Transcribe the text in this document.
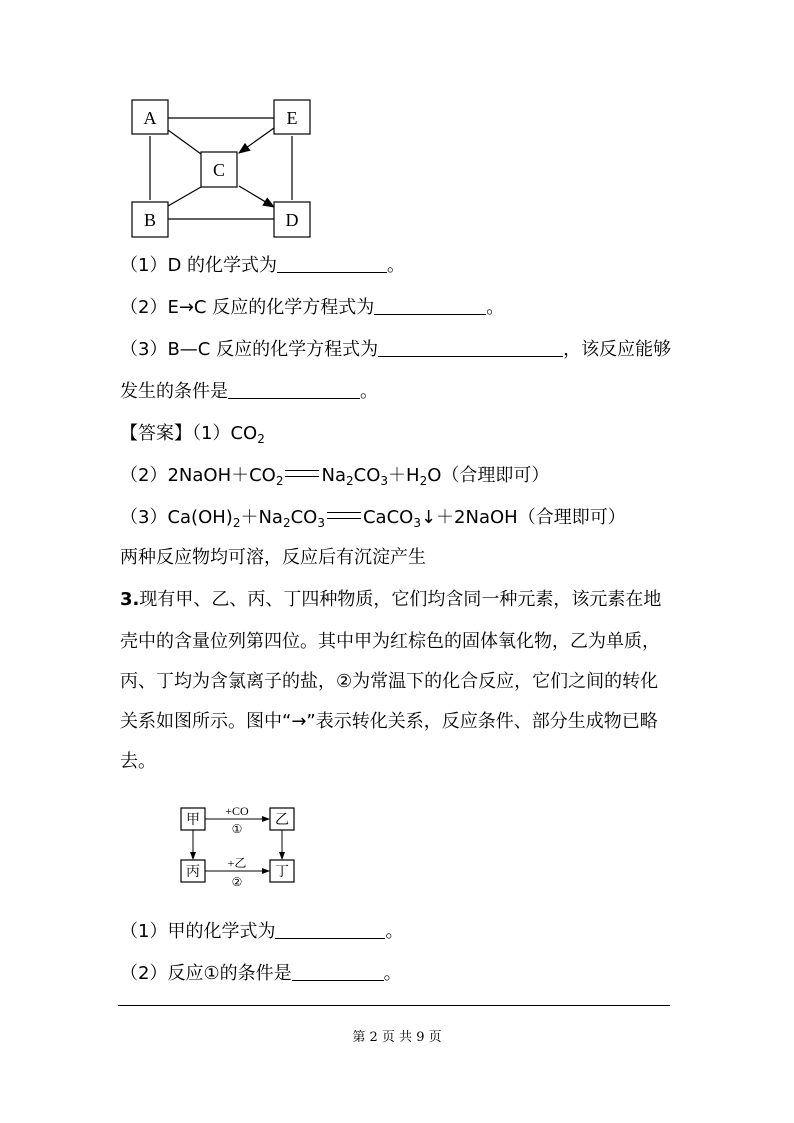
A	E
C
B	D
（1）D 的化学式为	。
（2）E→C 反应的化学方程式为	。
（3）B—C 反应的化学方程式为	，该反应能够
发生的条件是	。
【答案】$(1)CO_2$
$(2)2NaOH+CO_2$ $Na_2CO_3+H_2O$（合理即可）
$(3)Ca(OH)_2+Na_2CO_3$ CaCO$_3$↓＋2NaOH（合理即可）
两种反应物均可溶，反应后有沉淀产生
3.现有甲、乙、丙、丁四种物质，它们均含同一种元素，该元素在地
壳中的含量位列第四位。其中甲为红棕色的固体氧化物，乙为单质，
丙、丁均为含氯离子的盐，②为常温下的化合反应，它们之间的转化
关系如图所示。图中“→”表示转化关系，反应条件、部分生成物已略
去。
甲	乙
丙	丁
+CO
①
+乙
②
（1）甲的化学式为	。
（2）反应①的条件是	。
第 2 页 共 9 页
